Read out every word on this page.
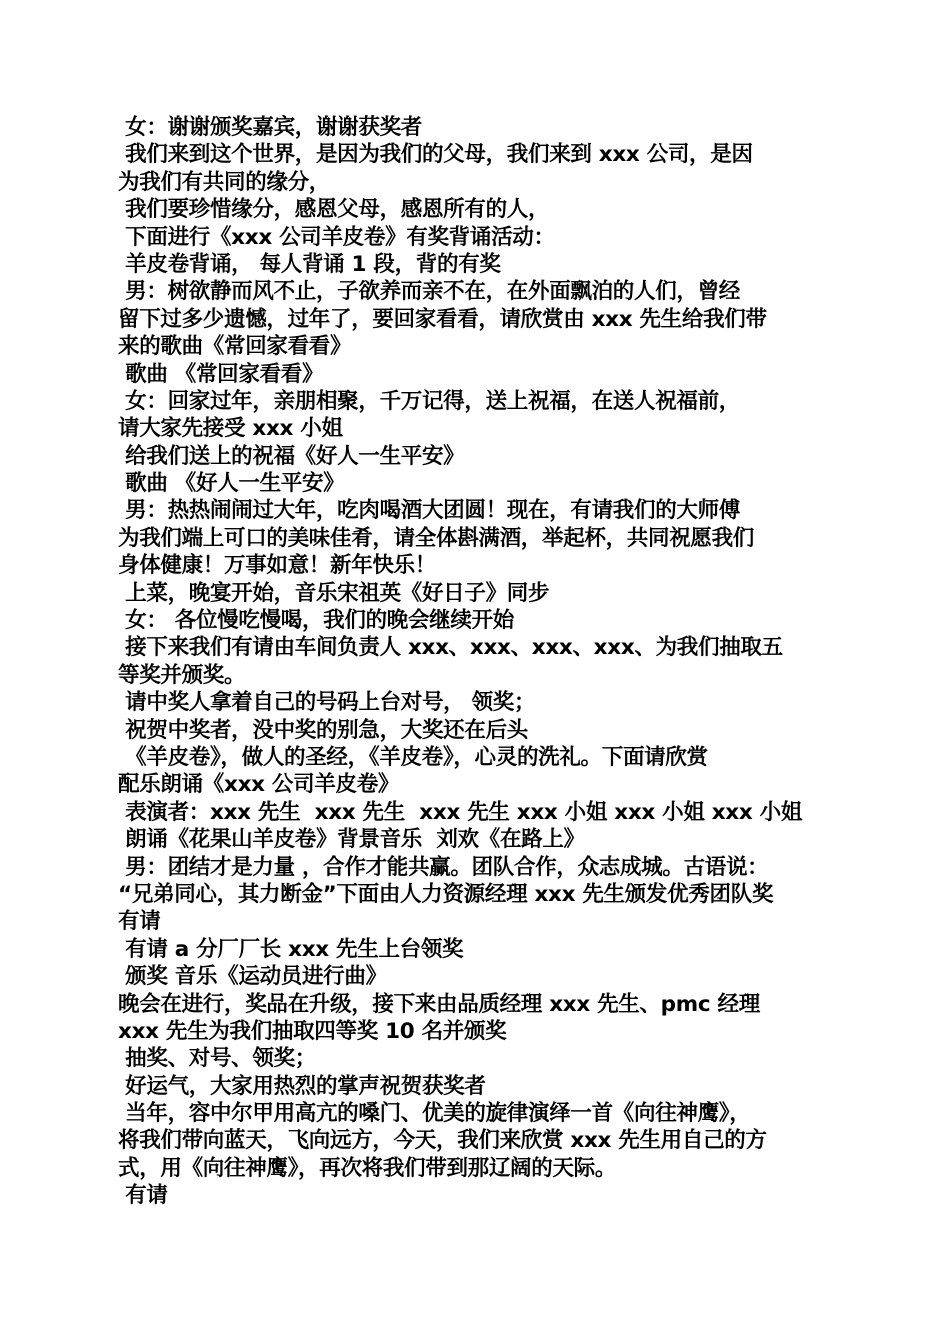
女：谢谢颁奖嘉宾，谢谢获奖者
我们来到这个世界，是因为我们的父母，我们来到 xxx 公司，是因
为我们有共同的缘分，
我们要珍惜缘分，感恩父母，感恩所有的人，
下面进行《xxx 公司羊皮卷》有奖背诵活动：
羊皮卷背诵， 每人背诵 1 段，背的有奖
男：树欲静而风不止，子欲养而亲不在，在外面飘泊的人们，曾经
留下过多少遗憾，过年了，要回家看看，请欣赏由 xxx 先生给我们带
来的歌曲《常回家看看》
歌曲 《常回家看看》
女：回家过年，亲朋相聚，千万记得，送上祝福，在送人祝福前，
请大家先接受 xxx 小姐
给我们送上的祝福《好人一生平安》
歌曲 《好人一生平安》
男：热热闹闹过大年，吃肉喝酒大团圆！现在，有请我们的大师傅
为我们端上可口的美味佳肴，请全体斟满酒，举起杯，共同祝愿我们
身体健康！万事如意！新年快乐！
上菜，晚宴开始，音乐宋祖英《好日子》同步
女： 各位慢吃慢喝，我们的晚会继续开始
接下来我们有请由车间负责人 xxx、xxx、xxx、xxx、为我们抽取五
等奖并颁奖。
请中奖人拿着自己的号码上台对号， 领奖；
祝贺中奖者，没中奖的别急，大奖还在后头
《羊皮卷》，做人的圣经，《羊皮卷》，心灵的洗礼。下面请欣赏
配乐朗诵《xxx 公司羊皮卷》
表演者：xxx 先生  xxx 先生  xxx 先生 xxx 小姐 xxx 小姐 xxx 小姐
朗诵《花果山羊皮卷》背景音乐  刘欢《在路上》
男：团结才是力量 ，合作才能共赢。团队合作，众志成城。古语说：
“兄弟同心，其力断金”下面由人力资源经理 xxx 先生颁发优秀团队奖
有请
有请 a 分厂厂长 xxx 先生上台领奖
颁奖 音乐《运动员进行曲》
晚会在进行，奖品在升级，接下来由品质经理 xxx 先生、pmc 经理
xxx 先生为我们抽取四等奖 10 名并颁奖
抽奖、对号、领奖；
好运气，大家用热烈的掌声祝贺获奖者
当年，容中尔甲用高亢的嗓门、优美的旋律演绎一首《向往神鹰》，
将我们带向蓝天，飞向远方，今天，我们来欣赏 xxx 先生用自己的方
式，用《向往神鹰》，再次将我们带到那辽阔的天际。
有请
